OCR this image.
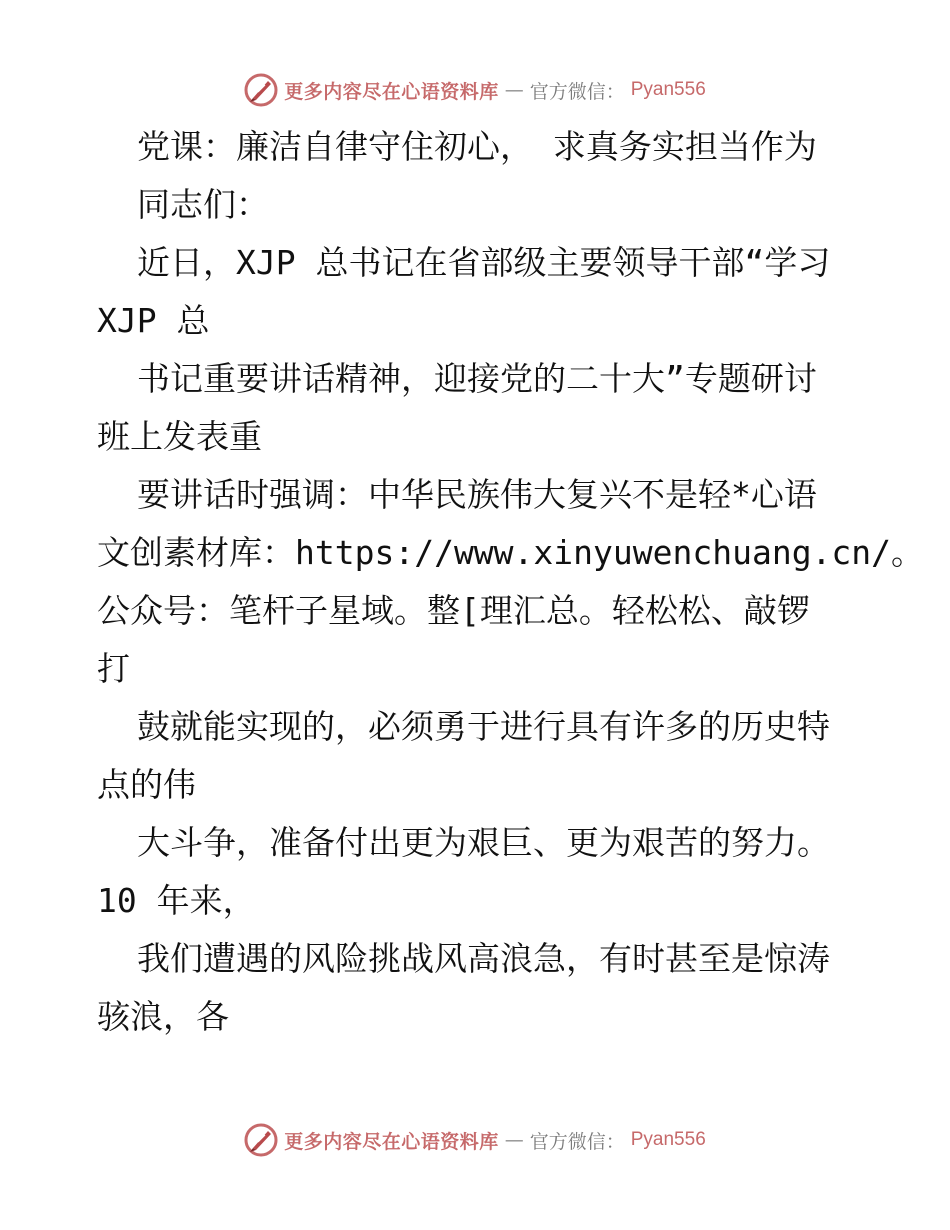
更多内容尽在心语资料库 — 官方微信： Pyan556
党课：廉洁自律守住初心， 求真务实担当作为
同志们：
近日，XJP 总书记在省部级主要领导干部“学习
XJP 总
书记重要讲话精神，迎接党的二十大”专题研讨
班上发表重
要讲话时强调：中华民族伟大复兴不是轻*心语
文创素材库：https://www.xinyuwenchuang.cn/。
公众号：笔杆子星域。整[理汇总。轻松松、敲锣
打
鼓就能实现的，必须勇于进行具有许多的历史特
点的伟
大斗争，准备付出更为艰巨、更为艰苦的努力。
10 年来，
我们遭遇的风险挑战风高浪急，有时甚至是惊涛
骇浪，各
更多内容尽在心语资料库 — 官方微信： Pyan556
